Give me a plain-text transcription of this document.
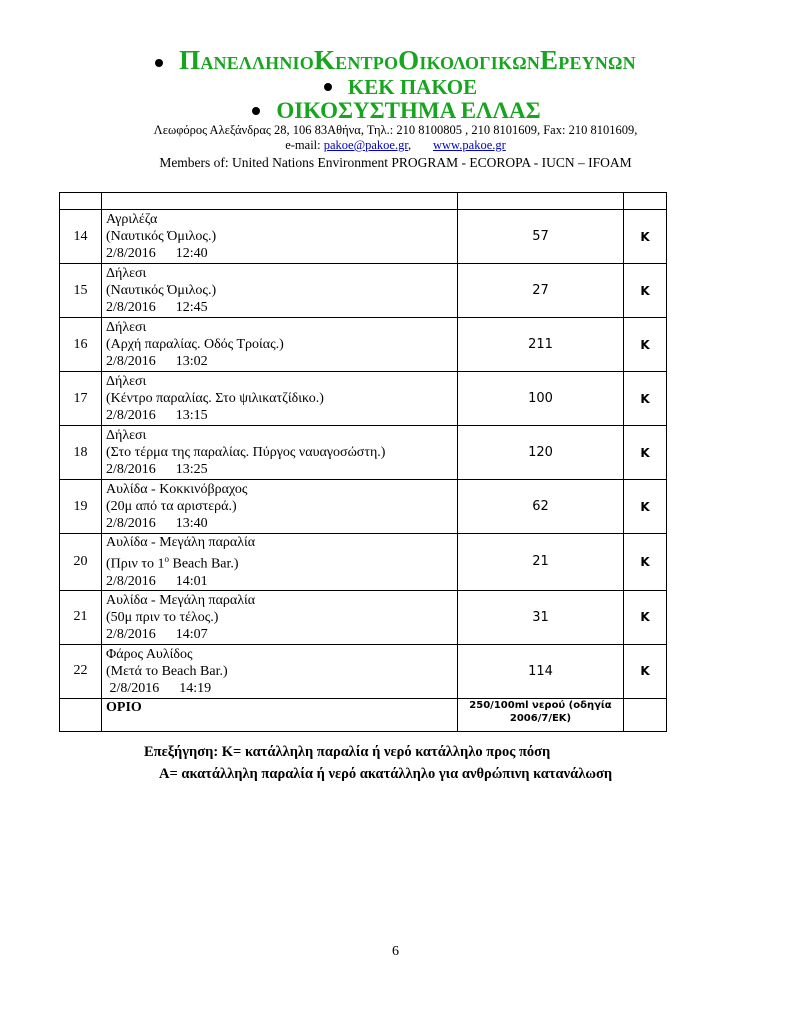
ΠΑΝΕΛΛΗΝΙΟΚΕΝΤΡΟΟΙΚΟΛΟΓΙΚΩΝΕΡΕΥΝΩΝ
ΚΕΚ ΠΑΚΟΕ
ΟΙΚΟΣΥΣΤΗΜΑ ΕΛΛΑΣ
Λεωφόρος Αλεξάνδρας 28, 106 83Αθήνα, Τηλ.: 210 8100805 , 210 8101609, Fax: 210 8101609,
e-mail: pakoe@pakoe.gr, www.pakoe.gr
Members of: United Nations Environment PROGRAM - ECOROPA - IUCN – IFOAM

14	Αγριλέζα
(Ναυτικός Όμιλος.)
2/8/2016 12:40	57	Κ
15	Δήλεσι
(Ναυτικός Όμιλος.)
2/8/2016 12:45	27	Κ
16	Δήλεσι
(Αρχή παραλίας. Οδός Τροίας.)
2/8/2016 13:02	211	Κ
17	Δήλεσι
(Κέντρο παραλίας. Στο ψιλικατζίδικο.)
2/8/2016 13:15	100	Κ
18	Δήλεσι
(Στο τέρμα της παραλίας. Πύργος ναυαγοσώστη.)
2/8/2016 13:25	120	Κ
19	Αυλίδα - Κοκκινόβραχος
(20μ από τα αριστερά.)
2/8/2016 13:40	62	Κ
20	Αυλίδα - Μεγάλη παραλία
(Πριν το $1^o$ Beach Bar.)
2/8/2016 14:01	21	Κ
21	Αυλίδα - Μεγάλη παραλία
(50μ πριν το τέλος.)
2/8/2016 14:07	31	Κ
22	Φάρος Αυλίδος
(Μετά το Beach Bar.)
2/8/2016 14:19	114	Κ
	ΟΡΙΟ	250/100ml νερού (οδηγία
2006/7/ΕΚ)	

Επεξήγηση: Κ= κατάλληλη παραλία ή νερό κατάλληλο προς πόση
Α= ακατάλληλη παραλία ή νερό ακατάλληλο για ανθρώπινη κατανάλωση
6
